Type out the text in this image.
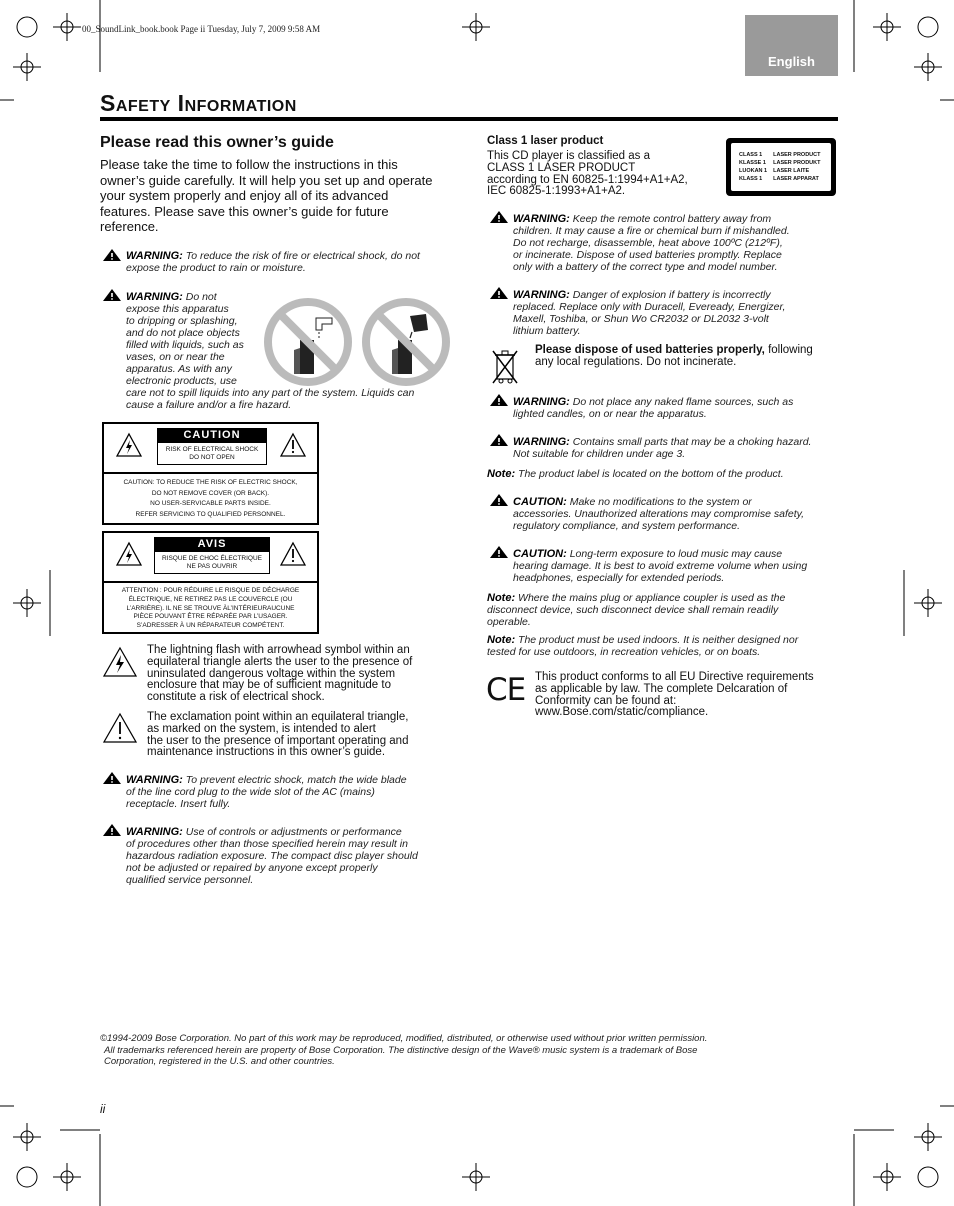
00_SoundLink_book.book Page ii Tuesday, July 7, 2009 9:58 AM
English
Safety Information
Please read this owner’s guide
Please take the time to follow the instructions in this owner’s guide carefully. It will help you set up and operate your system properly and enjoy all of its advanced features. Please save this owner’s guide for future reference.
WARNING: To reduce the risk of fire or electrical shock, do not expose the product to rain or moisture.
WARNING: Do not
expose this apparatus
to dripping or splashing,
and do not place objects
filled with liquids, such as
vases, on or near the
apparatus. As with any
electronic products, use
care not to spill liquids into any part of the system. Liquids can
cause a failure and/or a fire hazard.
CAUTION
RISK OF ELECTRICAL SHOCK
DO NOT OPEN
CAUTION: TO REDUCE THE RISK OF ELECTRIC SHOCK,
DO NOT REMOVE COVER (OR BACK).
NO USER-SERVICABLE PARTS INSIDE.
REFER SERVICING TO QUALIFIED PERSONNEL.
AVIS
RISQUE DE CHOC ÉLECTRIQUE
NE PAS OUVRIR
ATTENTION : POUR RÉDUIRE LE RISQUE DE DÉCHARGE
ÉLECTRIQUE, NE RETIREZ PAS LE COUVERCLE (OU
L’ARRIÈRE). IL NE SE TROUVE ÀL’INTÉRIEURAUCUNE
PIÈCE POUVANT ÊTRE RÉPARÉE PAR L’USAGER.
S’ADRESSER À UN RÉPARATEUR COMPÉTENT.
The lightning flash with arrowhead symbol within an
equilateral triangle alerts the user to the presence of
uninsulated dangerous voltage within the system
enclosure that may be of sufficient magnitude to
constitute a risk of electrical shock.
The exclamation point within an equilateral triangle,
as marked on the system, is intended to alert
the user to the presence of important operating and
maintenance instructions in this owner’s guide.
WARNING: To prevent electric shock, match the wide blade
of the line cord plug to the wide slot of the AC (mains)
receptacle. Insert fully.
WARNING: Use of controls or adjustments or performance
of procedures other than those specified herein may result in
hazardous radiation exposure. The compact disc player should
not be adjusted or repaired by anyone except properly
qualified service personnel.
Class 1 laser product
This CD player is classified as a
CLASS 1 LASER PRODUCT
according to EN 60825-1:1994+A1+A2,
IEC 60825-1:1993+A1+A2.
CLASS 1
KLASSE 1
LUOKAN 1
KLASS 1
LASER PRODUCT
LASER PRODUKT
LASER LAITE
LASER APPARAT
WARNING: Keep the remote control battery away from
children. It may cause a fire or chemical burn if mishandled.
Do not recharge, disassemble, heat above 100ºC (212ºF),
or incinerate. Dispose of used batteries promptly. Replace
only with a battery of the correct type and model number.
WARNING: Danger of explosion if battery is incorrectly
replaced. Replace only with Duracell, Eveready, Energizer,
Maxell, Toshiba, or Shun Wo CR2032 or DL2032 3-volt
lithium battery.
Please dispose of used batteries properly, following
any local regulations. Do not incinerate.
WARNING: Do not place any naked flame sources, such as
lighted candles, on or near the apparatus.
WARNING: Contains small parts that may be a choking hazard.
Not suitable for children under age 3.
Note: The product label is located on the bottom of the product.
CAUTION: Make no modifications to the system or
accessories. Unauthorized alterations may compromise safety,
regulatory compliance, and system performance.
CAUTION: Long-term exposure to loud music may cause
hearing damage. It is best to avoid extreme volume when using
headphones, especially for extended periods.
Note: Where the mains plug or appliance coupler is used as the
disconnect device, such disconnect device shall remain readily
operable.
Note: The product must be used indoors. It is neither designed nor
tested for use outdoors, in recreation vehicles, or on boats.
CE This product conforms to all EU Directive requirements
as applicable by law. The complete Delcaration of
Conformity can be found at:
www.Bose.com/static/compliance.
©1994-2009 Bose Corporation. No part of this work may be reproduced, modified, distributed, or otherwise used without prior written permission.
All trademarks referenced herein are property of Bose Corporation. The distinctive design of the Wave® music system is a trademark of Bose
Corporation, registered in the U.S. and other countries.
ii
